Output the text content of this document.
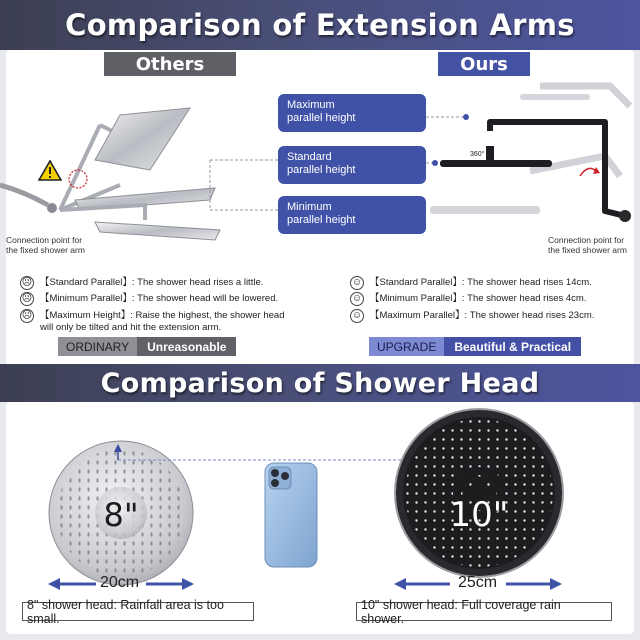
Comparison of Extension Arms
Others	Ours
Maximum
parallel height
Standard
parallel height
Minimum
parallel height
360°
Connection point for
the fixed shower arm
Connection point for
the fixed shower arm
☹ 【Standard Parallel】: The shower head rises a little.
☹ 【Minimum Parallel】: The shower head will be lowered.
☹ 【Maximum Height】: Raise the highest, the shower head will only be tilted and hit the extension arm.
☺ 【Standard Parallel】: The shower head rises 14cm.
☺ 【Minimum Parallel】: The shower head rises 4cm.
☺ 【Maximum Parallel】: The shower head rises 23cm.
ORDINARY	Unreasonable	UPGRADE	Beautiful & Practical
Comparison of Shower Head
8"	10"
20cm	25cm
8" shower head: Rainfall area is too small.
10" shower head: Full coverage rain shower.
